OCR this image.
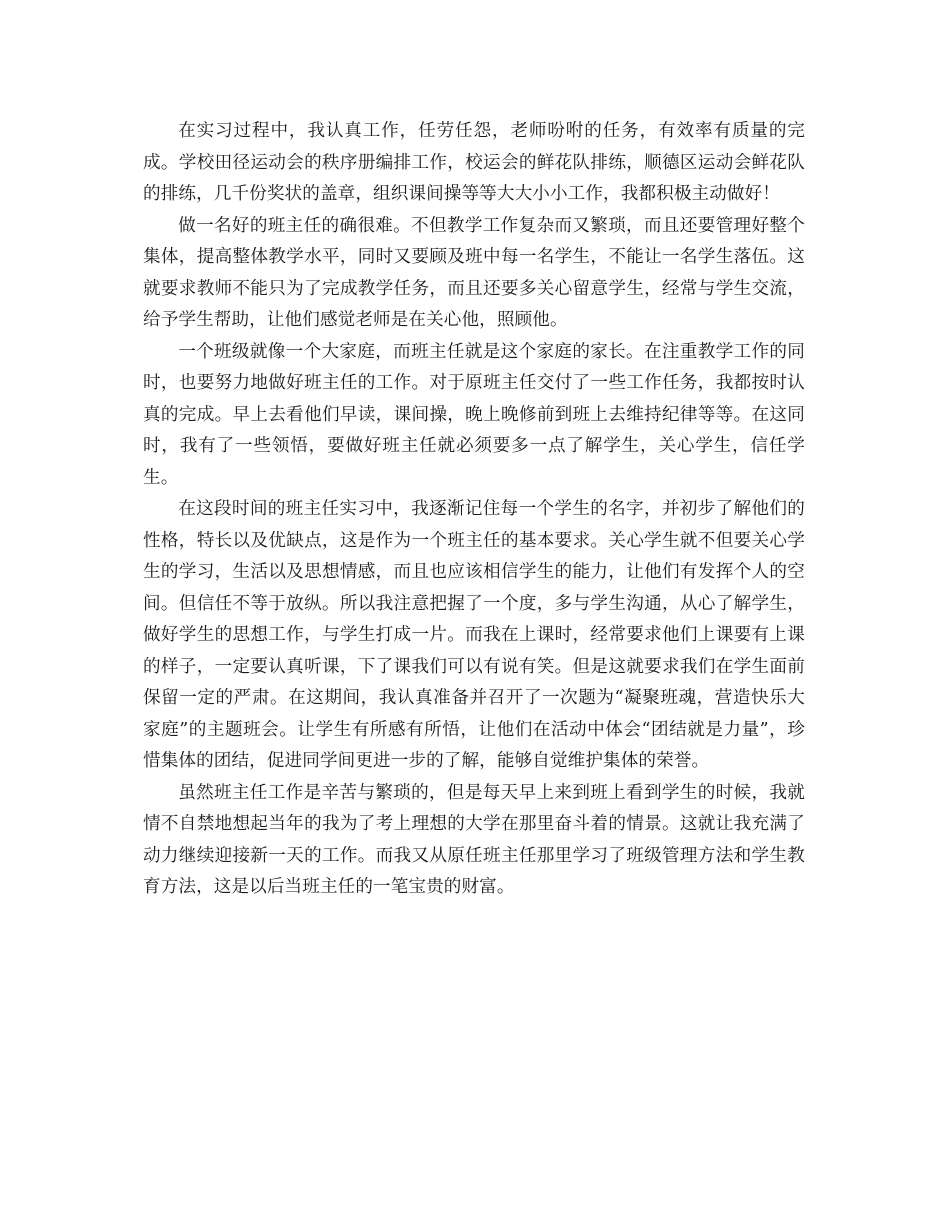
在实习过程中，我认真工作，任劳任怨，老师吩咐的任务，有效率有质量的完成。学校田径运动会的秩序册编排工作，校运会的鲜花队排练，顺德区运动会鲜花队的排练，几千份奖状的盖章，组织课间操等等大大小小工作，我都积极主动做好！

做一名好的班主任的确很难。不但教学工作复杂而又繁琐，而且还要管理好整个集体，提高整体教学水平，同时又要顾及班中每一名学生，不能让一名学生落伍。这就要求教师不能只为了完成教学任务，而且还要多关心留意学生，经常与学生交流，给予学生帮助，让他们感觉老师是在关心他，照顾他。

一个班级就像一个大家庭，而班主任就是这个家庭的家长。在注重教学工作的同时，也要努力地做好班主任的工作。对于原班主任交付了一些工作任务，我都按时认真的完成。早上去看他们早读，课间操，晚上晚修前到班上去维持纪律等等。在这同时，我有了一些领悟，要做好班主任就必须要多一点了解学生，关心学生，信任学生。

在这段时间的班主任实习中，我逐渐记住每一个学生的名字，并初步了解他们的性格，特长以及优缺点，这是作为一个班主任的基本要求。关心学生就不但要关心学生的学习，生活以及思想情感，而且也应该相信学生的能力，让他们有发挥个人的空间。但信任不等于放纵。所以我注意把握了一个度，多与学生沟通，从心了解学生，做好学生的思想工作，与学生打成一片。而我在上课时，经常要求他们上课要有上课的样子，一定要认真听课，下了课我们可以有说有笑。但是这就要求我们在学生面前保留一定的严肃。在这期间，我认真准备并召开了一次题为“凝聚班魂，营造快乐大家庭”的主题班会。让学生有所感有所悟，让他们在活动中体会“团结就是力量”，珍惜集体的团结，促进同学间更进一步的了解，能够自觉维护集体的荣誉。

虽然班主任工作是辛苦与繁琐的，但是每天早上来到班上看到学生的时候，我就情不自禁地想起当年的我为了考上理想的大学在那里奋斗着的情景。这就让我充满了动力继续迎接新一天的工作。而我又从原任班主任那里学习了班级管理方法和学生教育方法，这是以后当班主任的一笔宝贵的财富。
